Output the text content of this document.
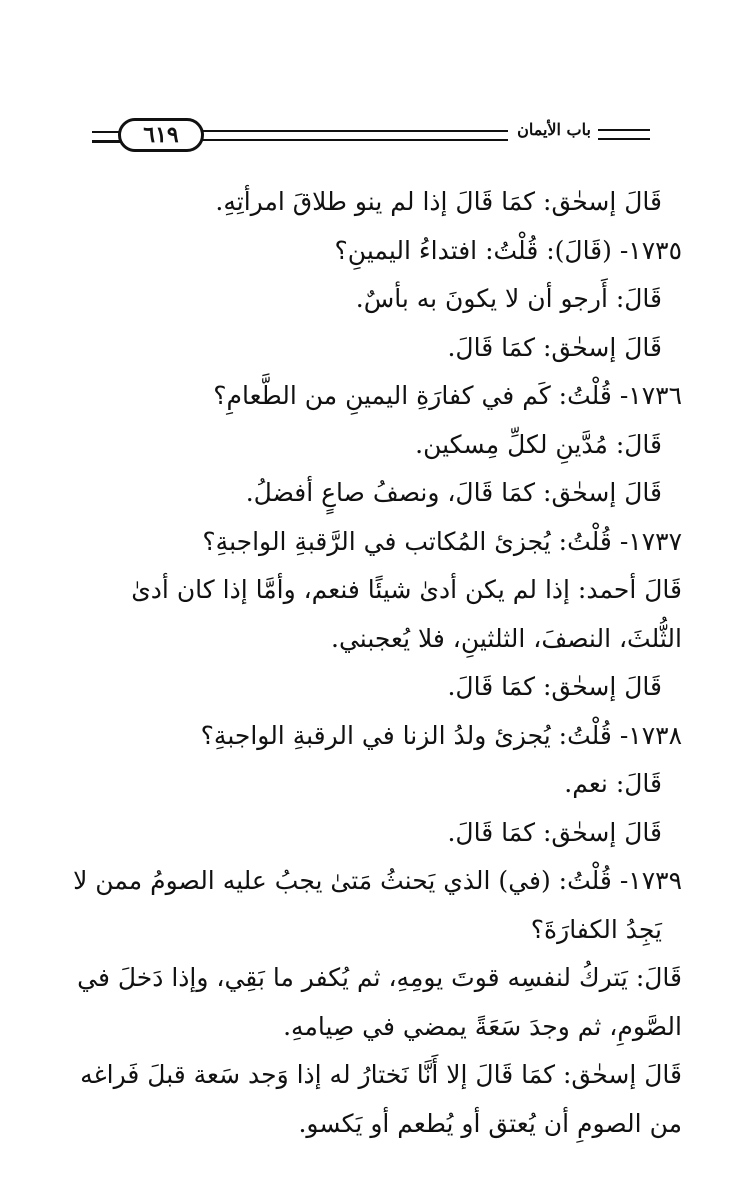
٦١٩	باب الأيمان
قَالَ إسحٰق: كمَا قَالَ إذا لم ينو طلاقَ امرأتِهِ.
١٧٣٥- (قَالَ): قُلْتُ: افتداءُ اليمينِ؟
قَالَ: أَرجو أن لا يكونَ به بأسٌ.
قَالَ إسحٰق: كمَا قَالَ.
١٧٣٦- قُلْتُ: كَم في كفارَةِ اليمينِ من الطَّعامِ؟
قَالَ: مُدَّينِ لكلِّ مِسكين.
قَالَ إسحٰق: كمَا قَالَ، ونصفُ صاعٍ أفضلُ.
١٧٣٧- قُلْتُ: يُجزئ المُكاتب في الرَّقبةِ الواجبةِ؟
قَالَ أحمد: إذا لم يكن أدىٰ شيئًا فنعم، وأمَّا إذا كان أدىٰ
الثُّلثَ، النصفَ، الثلثينِ، فلا يُعجبني.
قَالَ إسحٰق: كمَا قَالَ.
١٧٣٨- قُلْتُ: يُجزئ ولدُ الزنا في الرقبةِ الواجبةِ؟
قَالَ: نعم.
قَالَ إسحٰق: كمَا قَالَ.
١٧٣٩- قُلْتُ: (في) الذي يَحنثُ مَتىٰ يجبُ عليه الصومُ ممن لا
يَجِدُ الكفارَةَ؟
قَالَ: يَتركُ لنفسِه قوتَ يومِهِ، ثم يُكفر ما بَقِي، وإذا دَخلَ في
الصَّومِ، ثم وجدَ سَعَةً يمضي في صِيامهِ.
قَالَ إسحٰق: كمَا قَالَ إلا أَنَّا نَختارُ له إذا وَجد سَعة قبلَ فَراغه
من الصومِ أن يُعتق أو يُطعم أو يَكسو.
